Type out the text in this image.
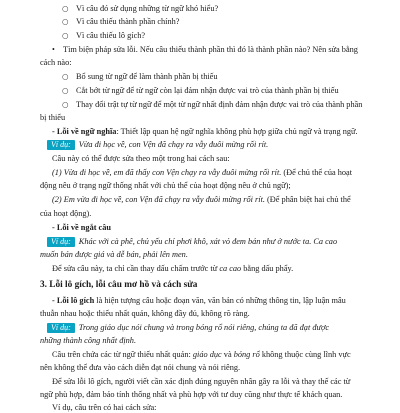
○ Vì câu đó sử dụng những từ ngữ khó hiểu?
○ Vì câu thiếu thành phần chính?
○ Vì câu thiếu lô gích?
• Tìm biện pháp sửa lỗi. Nếu câu thiếu thành phần thì đó là thành phần nào? Nên sửa bằng
cách nào:
○ Bổ sung từ ngữ để làm thành phần bị thiếu
○ Cắt bớt từ ngữ để từ ngữ còn lại đảm nhận được vai trò của thành phần bị thiếu
○ Thay đổi trật tự từ ngữ để một từ ngữ nhất định đảm nhận được vai trò của thành phần
bị thiếu
- Lỗi về ngữ nghĩa: Thiết lập quan hệ ngữ nghĩa không phù hợp giữa chủ ngữ và trạng ngữ.
Ví dụ: Vừa đi học về, con Vện đã chạy ra vẫy đuôi mừng rối rít.
Câu này có thể được sửa theo một trong hai cách sau:
(1) Vừa đi học về, em đã thấy con Vện chạy ra vẫy đuôi mừng rối rít. (Để chủ thể của hoạt
động nêu ở trạng ngữ thống nhất với chủ thể của hoạt động nêu ở chủ ngữ);
(2) Em vừa đi học về, con Vện đã chạy ra vẫy đuôi mừng rối rít. (Để phân biệt hai chủ thể
của hoạt động).
- Lỗi về ngắt câu
Ví dụ: Khác với cà phê, chủ yếu chỉ phơi khô, xát vỏ đem bán như ở nước ta. Ca cao
muốn bán được giá và dễ bán, phải lên men.
Để sửa câu này, ta chỉ cần thay dấu chấm trước từ ca cao bằng dấu phẩy.
3. Lỗi lô gích, lỗi câu mơ hồ và cách sửa
- Lỗi lô gích là hiện tượng câu hoặc đoạn văn, văn bản có những thông tin, lập luận mâu
thuẫn nhau hoặc thiếu nhất quán, không đầy đủ, không rõ ràng.
Ví dụ: Trong giáo dục nói chung và trong bóng rổ nói riêng, chúng ta đã đạt được
những thành công nhất định.
Câu trên chứa các từ ngữ thiếu nhất quán: giáo dục và bóng rổ không thuộc cùng lĩnh vực
nên không thể đưa vào cách diễn đạt nói chung và nói riêng.
Để sửa lỗi lô gích, người viết cần xác định đúng nguyên nhân gây ra lỗi và thay thế các từ
ngữ phù hợp, đảm bảo tính thống nhất và phù hợp với tư duy cũng như thực tế khách quan.
Ví dụ, câu trên có hai cách sửa:
